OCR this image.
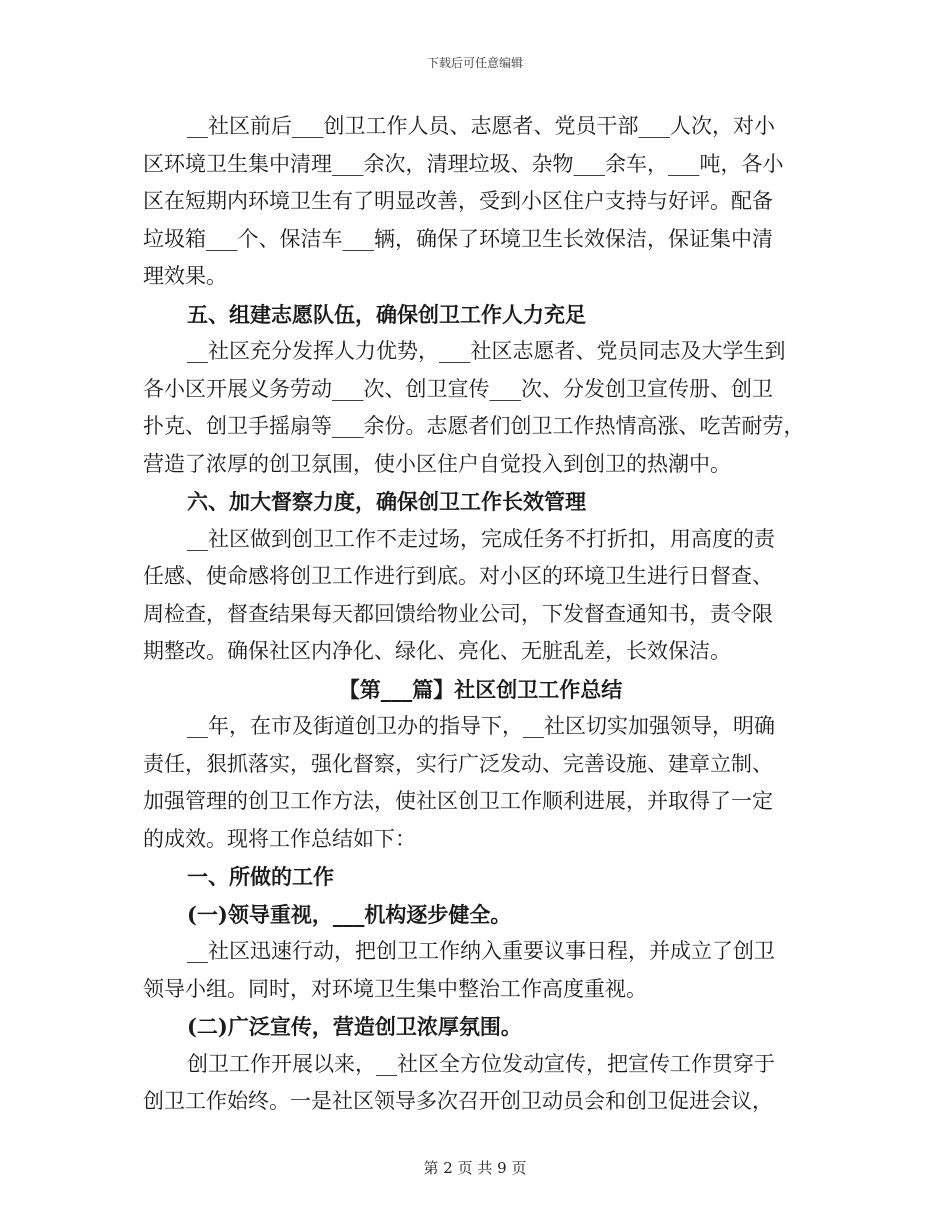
下载后可任意编辑
__社区前后___创卫工作人员、志愿者、党员干部___人次，对小
区环境卫生集中清理___余次，清理垃圾、杂物___余车，___吨，各小
区在短期内环境卫生有了明显改善，受到小区住户支持与好评。配备
垃圾箱___个、保洁车___辆，确保了环境卫生长效保洁，保证集中清
理效果。
五、组建志愿队伍，确保创卫工作人力充足
__社区充分发挥人力优势，___社区志愿者、党员同志及大学生到
各小区开展义务劳动___次、创卫宣传___次、分发创卫宣传册、创卫
扑克、创卫手摇扇等___余份。志愿者们创卫工作热情高涨、吃苦耐劳，
营造了浓厚的创卫氛围，使小区住户自觉投入到创卫的热潮中。
六、加大督察力度，确保创卫工作长效管理
__社区做到创卫工作不走过场，完成任务不打折扣，用高度的责
任感、使命感将创卫工作进行到底。对小区的环境卫生进行日督查、
周检查，督查结果每天都回馈给物业公司，下发督查通知书，责令限
期整改。确保社区内净化、绿化、亮化、无脏乱差，长效保洁。
【第___篇】社区创卫工作总结
__年，在市及街道创卫办的指导下，__社区切实加强领导，明确
责任，狠抓落实，强化督察，实行广泛发动、完善设施、建章立制、
加强管理的创卫工作方法，使社区创卫工作顺利进展，并取得了一定
的成效。现将工作总结如下：
一、所做的工作
(一)领导重视，___机构逐步健全。
__社区迅速行动，把创卫工作纳入重要议事日程，并成立了创卫
领导小组。同时，对环境卫生集中整治工作高度重视。
(二)广泛宣传，营造创卫浓厚氛围。
创卫工作开展以来，__社区全方位发动宣传，把宣传工作贯穿于
创卫工作始终。一是社区领导多次召开创卫动员会和创卫促进会议，
第 2 页 共 9 页
